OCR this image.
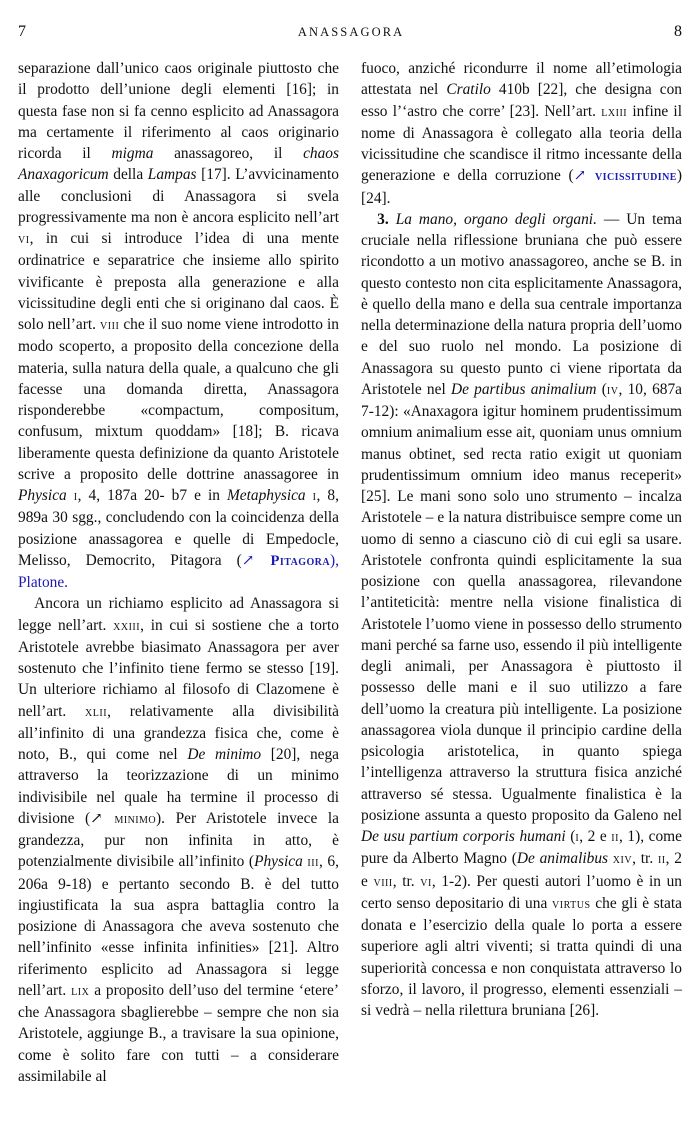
7	ANASSAGORA	8

separazione dall’unico caos originale piuttosto che il prodotto dell’unione degli elementi [16]; in questa fase non si fa cenno esplicito ad Anassagora ma certamente il riferimento al caos originario ricorda il migma anassagoreo, il chaos Anaxagoricum della Lampas [17]. L’avvicinamento alle conclusioni di Anassagora si svela progressivamente ma non è ancora esplicito nell’art vi, in cui si introduce l’idea di una mente ordinatrice e separatrice che insieme allo spirito vivificante è preposta alla generazione e alla vicissitudine degli enti che si originano dal caos. È solo nell’art. viii che il suo nome viene introdotto in modo scoperto, a proposito della concezione della materia, sulla natura della quale, a qualcuno che gli facesse una domanda diretta, Anassagora risponderebbe «compactum, compositum, confusum, mixtum quoddam» [18]; B. ricava liberamente questa definizione da quanto Aristotele scrive a proposito delle dottrine anassagoree in Physica i, 4, 187a 20- b7 e in Metaphysica i, 8, 989a 30 sgg., concludendo con la coincidenza della posizione anassagorea e quelle di Empedocle, Melisso, Democrito, Pitagora (↗ Pitagora), Platone.

Ancora un richiamo esplicito ad Anassagora si legge nell’art. xxiii, in cui si sostiene che a torto Aristotele avrebbe biasimato Anassagora per aver sostenuto che l’infinito tiene fermo se stesso [19]. Un ulteriore richiamo al filosofo di Clazomene è nell’art. xlii, relativamente alla divisibilità all’infinito di una grandezza fisica che, come è noto, B., qui come nel De minimo [20], nega attraverso la teorizzazione di un minimo indivisibile nel quale ha termine il processo di divisione (↗ minimo). Per Aristotele invece la grandezza, pur non infinita in atto, è potenzialmente divisibile all’infinito (Physica iii, 6, 206a 9-18) e pertanto secondo B. è del tutto ingiustificata la sua aspra battaglia contro la posizione di Anassagora che aveva sostenuto che nell’infinito «esse infinita infinities» [21]. Altro riferimento esplicito ad Anassagora si legge nell’art. lix a proposito dell’uso del termine ‘etere’ che Anassagora sbaglierebbe – sempre che non sia Aristotele, aggiunge B., a travisare la sua opinione, come è solito fare con tutti – a considerare assimilabile al

fuoco, anziché ricondurre il nome all’etimologia attestata nel Cratilo 410b [22], che designa con esso l’‘astro che corre’ [23]. Nell’art. lxiii infine il nome di Anassagora è collegato alla teoria della vicissitudine che scandisce il ritmo incessante della generazione e della corruzione (↗ vicissitudine) [24].

3. La mano, organo degli organi. — Un tema cruciale nella riflessione bruniana che può essere ricondotto a un motivo anassagoreo, anche se B. in questo contesto non cita esplicitamente Anassagora, è quello della mano e della sua centrale importanza nella determinazione della natura propria dell’uomo e del suo ruolo nel mondo. La posizione di Anassagora su questo punto ci viene riportata da Aristotele nel De partibus animalium (iv, 10, 687a 7-12): «Anaxagora igitur hominem prudentissimum omnium animalium esse ait, quoniam unus omnium manus obtinet, sed recta ratio exigit ut quoniam prudentissimum omnium ideo manus receperit» [25]. Le mani sono solo uno strumento – incalza Aristotele – e la natura distribuisce sempre come un uomo di senno a ciascuno ciò di cui egli sa usare. Aristotele confronta quindi esplicitamente la sua posizione con quella anassagorea, rilevandone l’antiteticità: mentre nella visione finalistica di Aristotele l’uomo viene in possesso dello strumento mani perché sa farne uso, essendo il più intelligente degli animali, per Anassagora è piuttosto il possesso delle mani e il suo utilizzo a fare dell’uomo la creatura più intelligente. La posizione anassagorea viola dunque il principio cardine della psicologia aristotelica, in quanto spiega l’intelligenza attraverso la struttura fisica anziché attraverso sé stessa. Ugualmente finalistica è la posizione assunta a questo proposito da Galeno nel De usu partium corporis humani (i, 2 e ii, 1), come pure da Alberto Magno (De animalibus xiv, tr. ii, 2 e viii, tr. vi, 1-2). Per questi autori l’uomo è in un certo senso depositario di una virtus che gli è stata donata e l’esercizio della quale lo porta a essere superiore agli altri viventi; si tratta quindi di una superiorità concessa e non conquistata attraverso lo sforzo, il lavoro, il progresso, elementi essenziali – si vedrà – nella rilettura bruniana [26].
